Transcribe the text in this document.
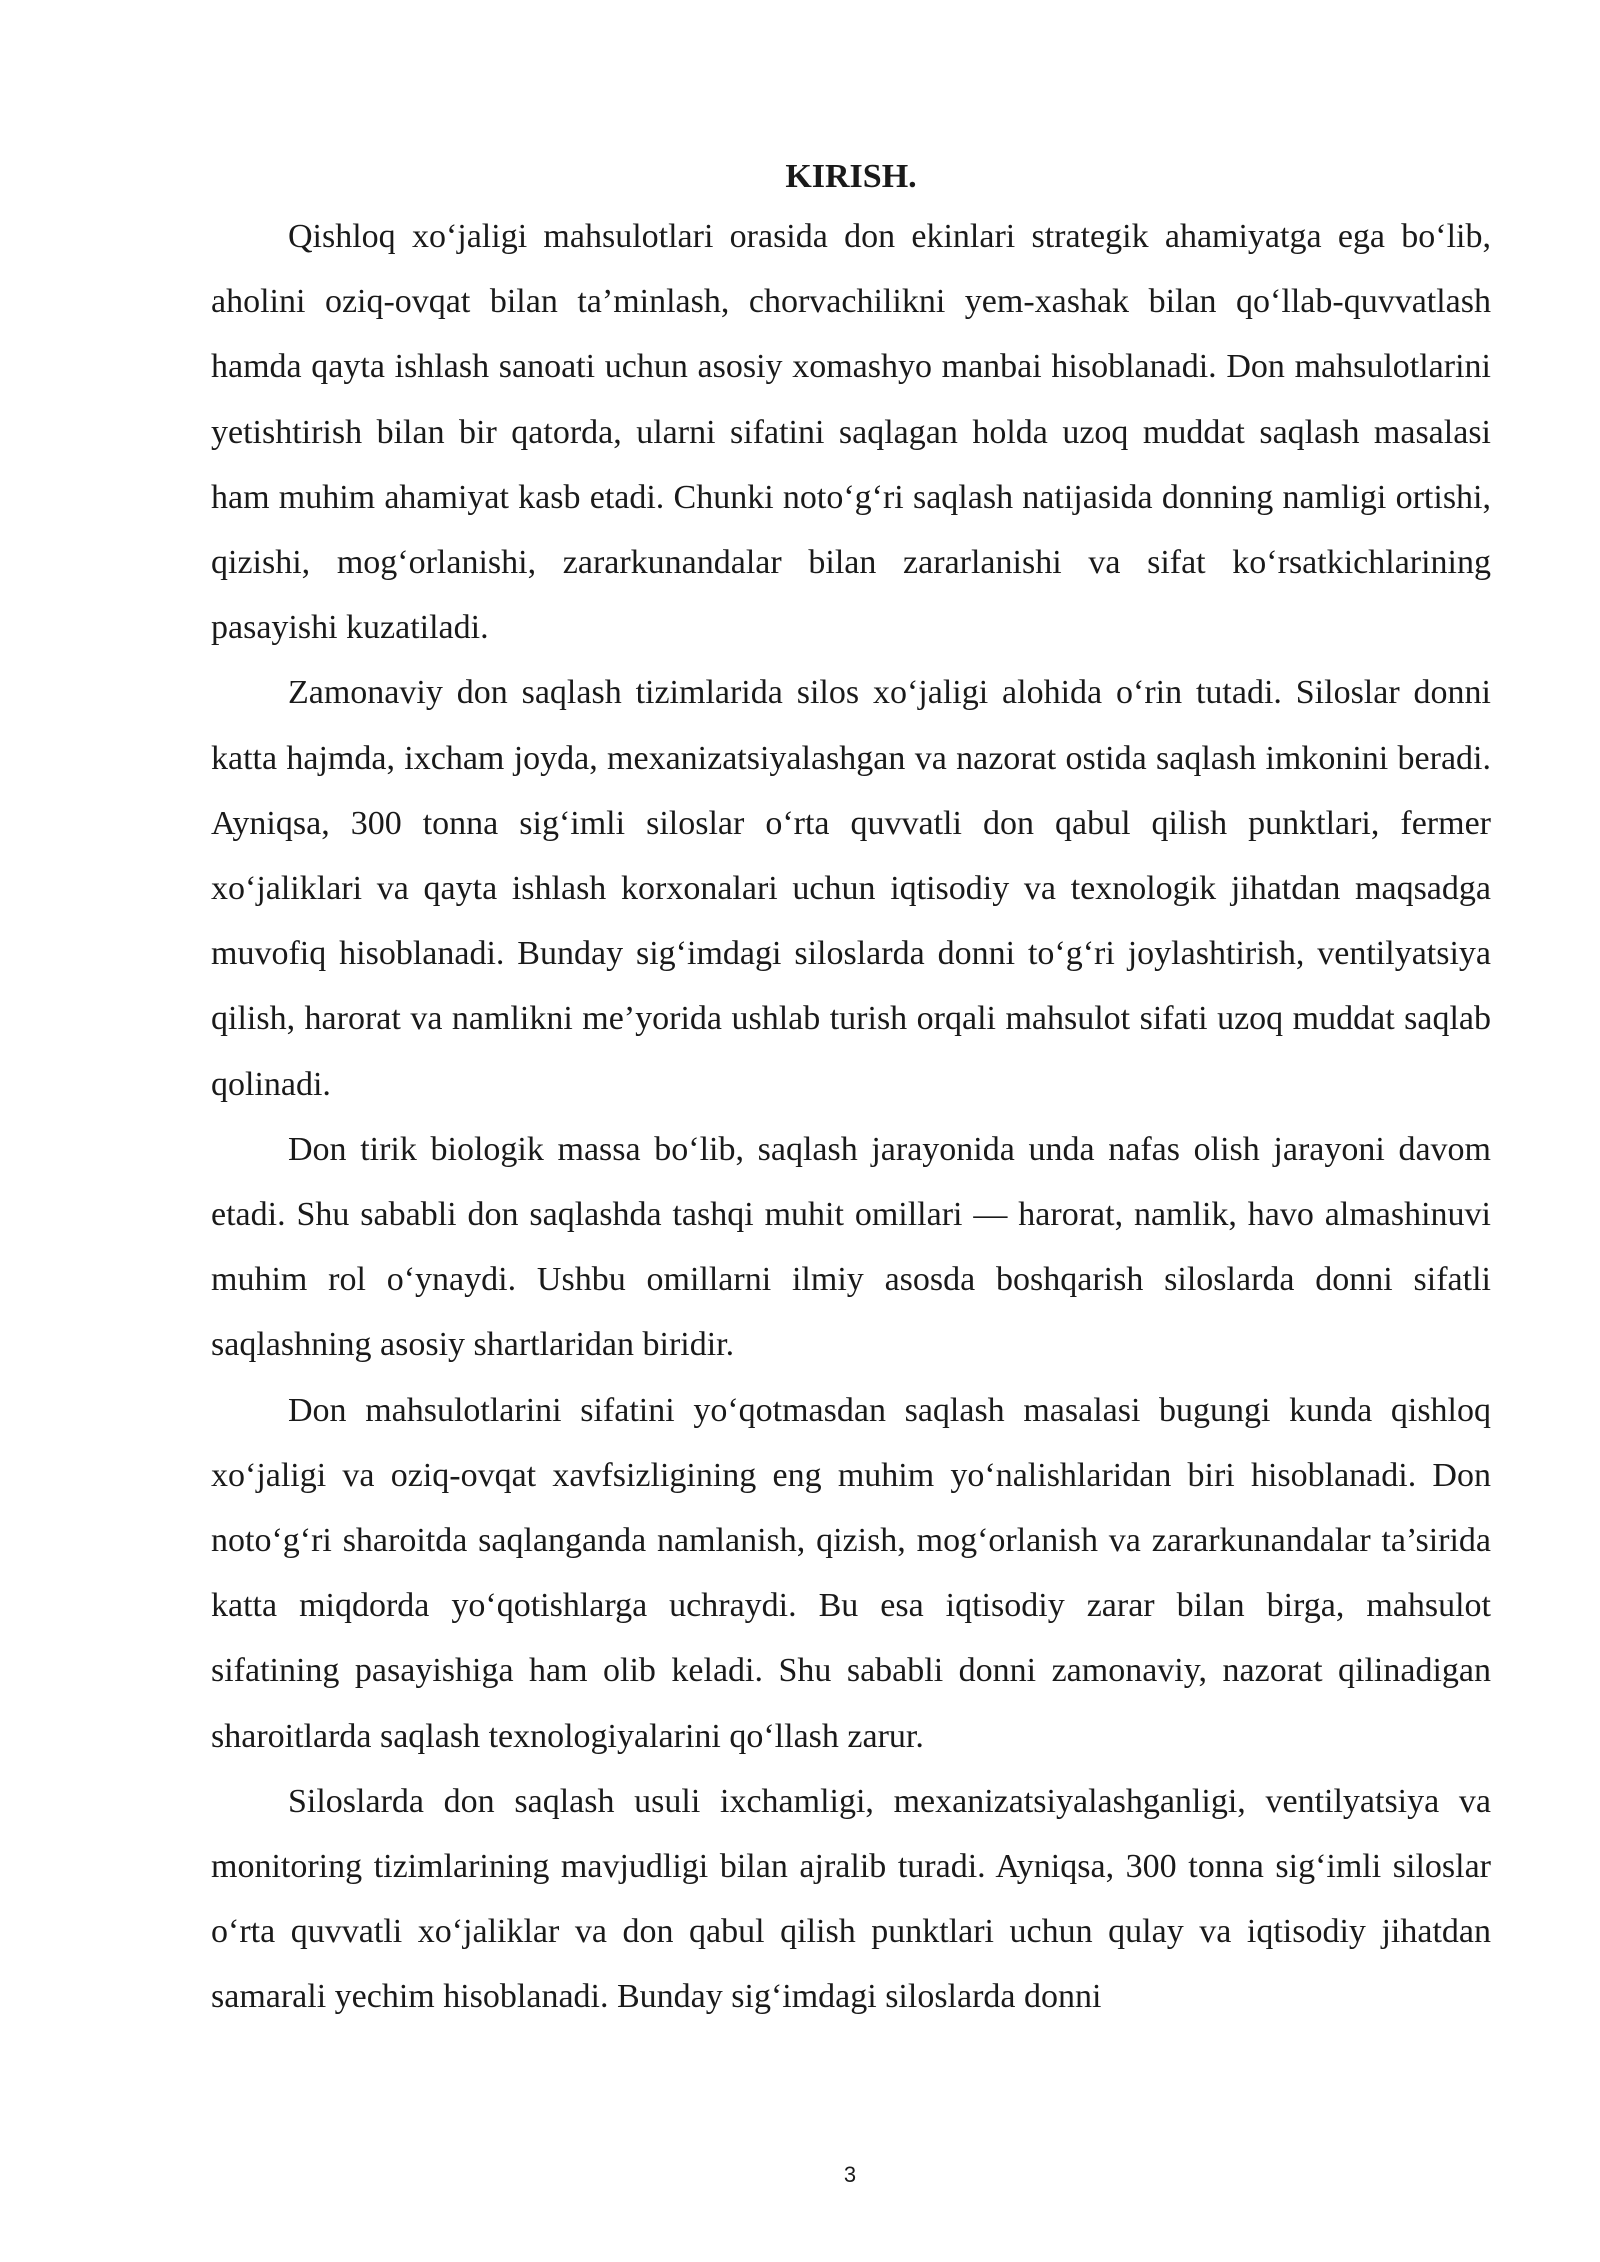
KIRISH.

Qishloq xo‘jaligi mahsulotlari orasida don ekinlari strategik ahamiyatga ega bo‘lib, aholini oziq-ovqat bilan ta’minlash, chorvachilikni yem-xashak bilan qo‘llab-quvvatlash hamda qayta ishlash sanoati uchun asosiy xomashyo manbai hisoblanadi. Don mahsulotlarini yetishtirish bilan bir qatorda, ularni sifatini saqlagan holda uzoq muddat saqlash masalasi ham muhim ahamiyat kasb etadi. Chunki noto‘g‘ri saqlash natijasida donning namligi ortishi, qizishi, mog‘orlanishi, zararkunandalar bilan zararlanishi va sifat ko‘rsatkichlarining pasayishi kuzatiladi.

Zamonaviy don saqlash tizimlarida silos xo‘jaligi alohida o‘rin tutadi. Siloslar donni katta hajmda, ixcham joyda, mexanizatsiyalashgan va nazorat ostida saqlash imkonini beradi. Ayniqsa, 300 tonna sig‘imli siloslar o‘rta quvvatli don qabul qilish punktlari, fermer xo‘jaliklari va qayta ishlash korxonalari uchun iqtisodiy va texnologik jihatdan maqsadga muvofiq hisoblanadi. Bunday sig‘imdagi siloslarda donni to‘g‘ri joylashtirish, ventilyatsiya qilish, harorat va namlikni me’yorida ushlab turish orqali mahsulot sifati uzoq muddat saqlab qolinadi.

Don tirik biologik massa bo‘lib, saqlash jarayonida unda nafas olish jarayoni davom etadi. Shu sababli don saqlashda tashqi muhit omillari — harorat, namlik, havo almashinuvi muhim rol o‘ynaydi. Ushbu omillarni ilmiy asosda boshqarish siloslarda donni sifatli saqlashning asosiy shartlaridan biridir.

Don mahsulotlarini sifatini yo‘qotmasdan saqlash masalasi bugungi kunda qishloq xo‘jaligi va oziq-ovqat xavfsizligining eng muhim yo‘nalishlaridan biri hisoblanadi. Don noto‘g‘ri sharoitda saqlanganda namlanish, qizish, mog‘orlanish va zararkunandalar ta’sirida katta miqdorda yo‘qotishlarga uchraydi. Bu esa iqtisodiy zarar bilan birga, mahsulot sifatining pasayishiga ham olib keladi. Shu sababli donni zamonaviy, nazorat qilinadigan sharoitlarda saqlash texnologiyalarini qo‘llash zarur.

Siloslarda don saqlash usuli ixchamligi, mexanizatsiyalashganligi, ventilyatsiya va monitoring tizimlarining mavjudligi bilan ajralib turadi. Ayniqsa, 300 tonna sig‘imli siloslar o‘rta quvvatli xo‘jaliklar va don qabul qilish punktlari uchun qulay va iqtisodiy jihatdan samarali yechim hisoblanadi. Bunday sig‘imdagi siloslarda donni

3
